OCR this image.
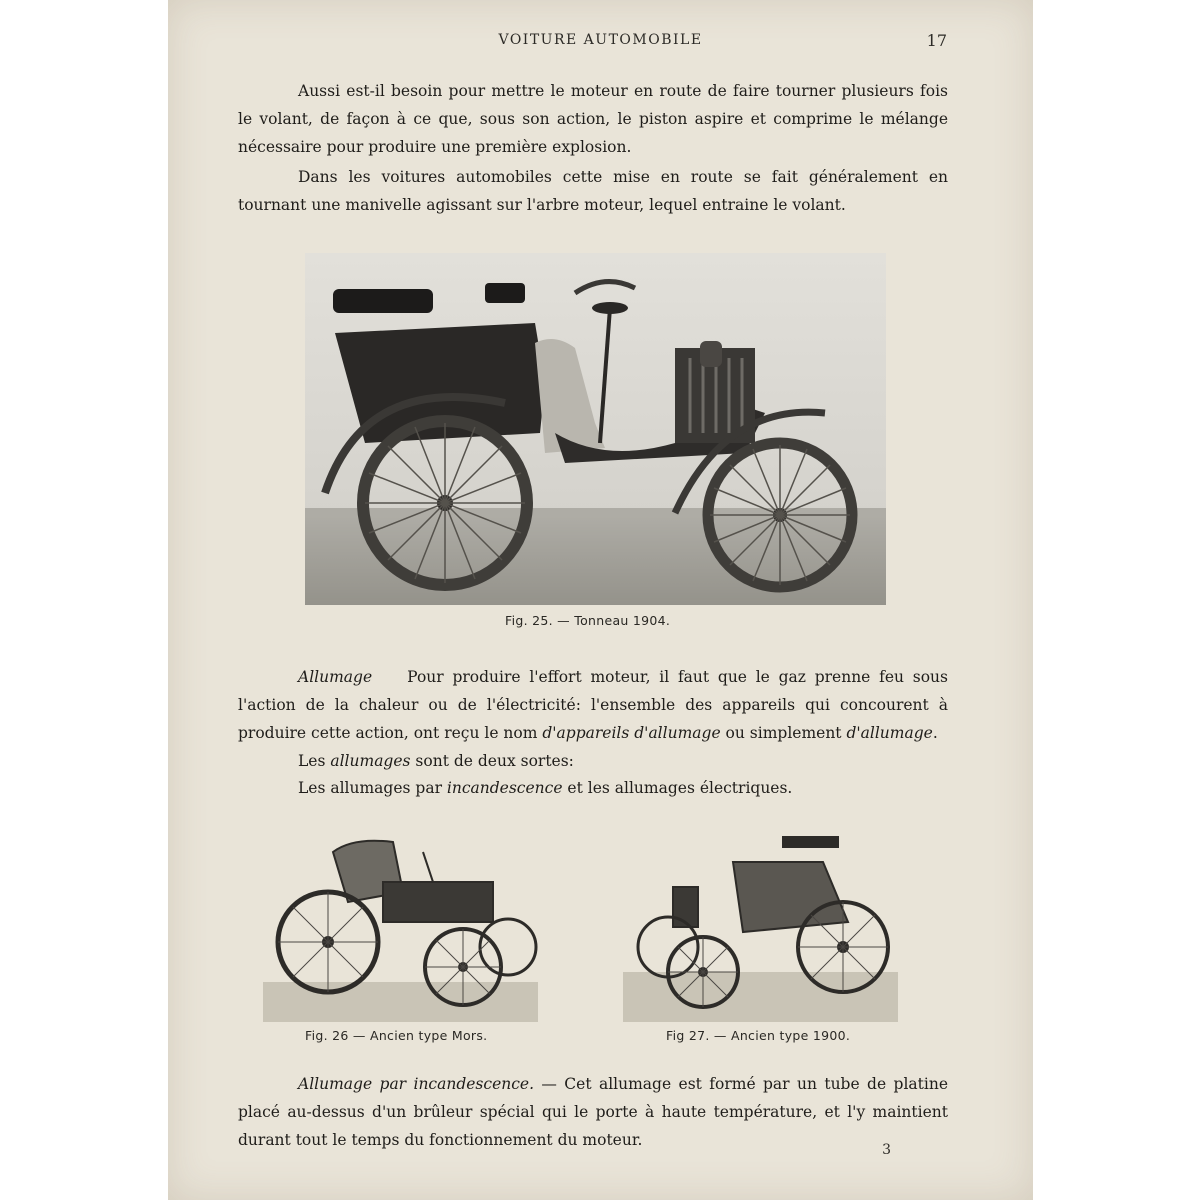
VOITURE AUTOMOBILE	17
Aussi est-il besoin pour mettre le moteur en route de faire tourner plusieurs fois le volant, de façon à ce que, sous son action, le piston aspire et comprime le mélange nécessaire pour produire une première explosion.
Dans les voitures automobiles cette mise en route se fait généralement en tournant une manivelle agissant sur l'arbre moteur, lequel entraine le volant.
Fig. 25. — Tonneau 1904.
Allumage Pour produire l'effort moteur, il faut que le gaz prenne feu sous l'action de la chaleur ou de l'électricité: l'ensemble des appareils qui concourent à produire cette action, ont reçu le nom d'appareils d'allumage ou simplement d'allumage.
Les allumages sont de deux sortes:
Les allumages par incandescence et les allumages électriques.
Fig. 26 — Ancien type Mors.	Fig 27. — Ancien type 1900.
Allumage par incandescence. — Cet allumage est formé par un tube de platine placé au-dessus d'un brûleur spécial qui le porte à haute température, et l'y maintient durant tout le temps du fonctionnement du moteur.
3
